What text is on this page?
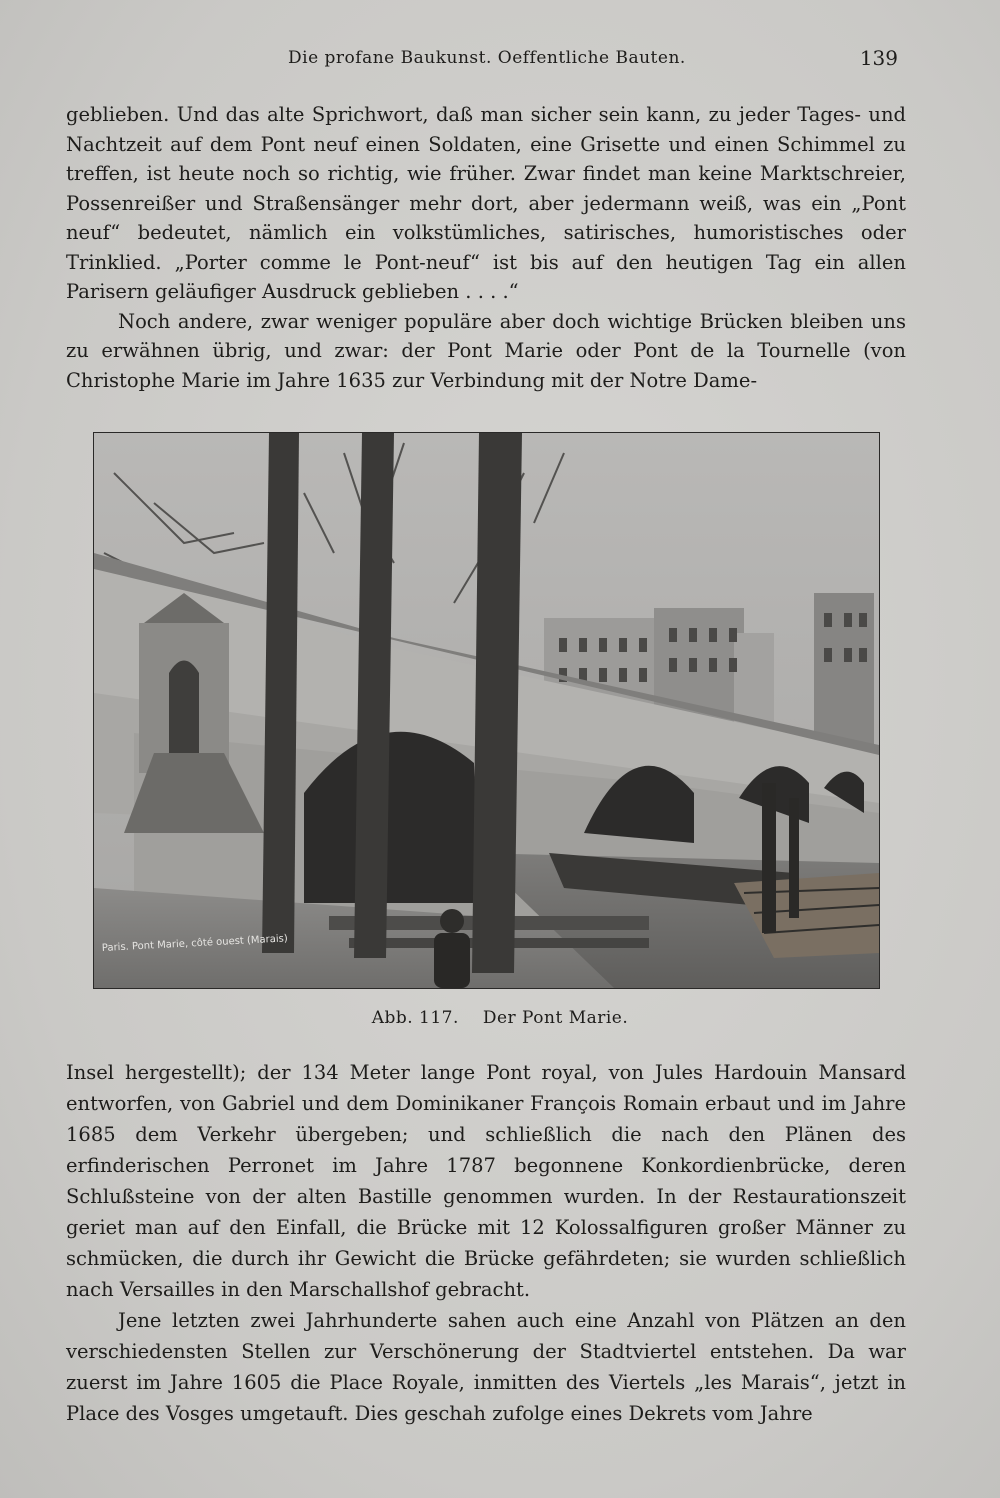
Die profane Baukunst. Oeffentliche Bauten.	139

geblieben. Und das alte Sprichwort, daß man sicher sein kann, zu jeder Tages- und Nachtzeit auf dem Pont neuf einen Soldaten, eine Grisette und einen Schimmel zu treffen, ist heute noch so richtig, wie früher. Zwar findet man keine Marktschreier, Possenreißer und Straßensänger mehr dort, aber jedermann weiß, was ein „Pont neuf“ bedeutet, nämlich ein volkstümliches, satirisches, humoristisches oder Trinklied. „Porter comme le Pont-neuf“ ist bis auf den heutigen Tag ein allen Parisern geläufiger Ausdruck geblieben . . . .“

Noch andere, zwar weniger populäre aber doch wichtige Brücken bleiben uns zu erwähnen übrig, und zwar: der Pont Marie oder Pont de la Tournelle (von Christophe Marie im Jahre 1635 zur Verbindung mit der Notre Dame-

Paris. Pont Marie, côté ouest (Marais)
Abb. 117. Der Pont Marie.

Insel hergestellt); der 134 Meter lange Pont royal, von Jules Hardouin Mansard entworfen, von Gabriel und dem Dominikaner François Romain erbaut und im Jahre 1685 dem Verkehr übergeben; und schließlich die nach den Plänen des erfinderischen Perronet im Jahre 1787 begonnene Konkordienbrücke, deren Schlußsteine von der alten Bastille genommen wurden. In der Restaurationszeit geriet man auf den Einfall, die Brücke mit 12 Kolossalfiguren großer Männer zu schmücken, die durch ihr Gewicht die Brücke gefährdeten; sie wurden schließlich nach Versailles in den Marschallshof gebracht.

Jene letzten zwei Jahrhunderte sahen auch eine Anzahl von Plätzen an den verschiedensten Stellen zur Verschönerung der Stadtviertel entstehen. Da war zuerst im Jahre 1605 die Place Royale, inmitten des Viertels „les Marais“, jetzt in Place des Vosges umgetauft. Dies geschah zufolge eines Dekrets vom Jahre
